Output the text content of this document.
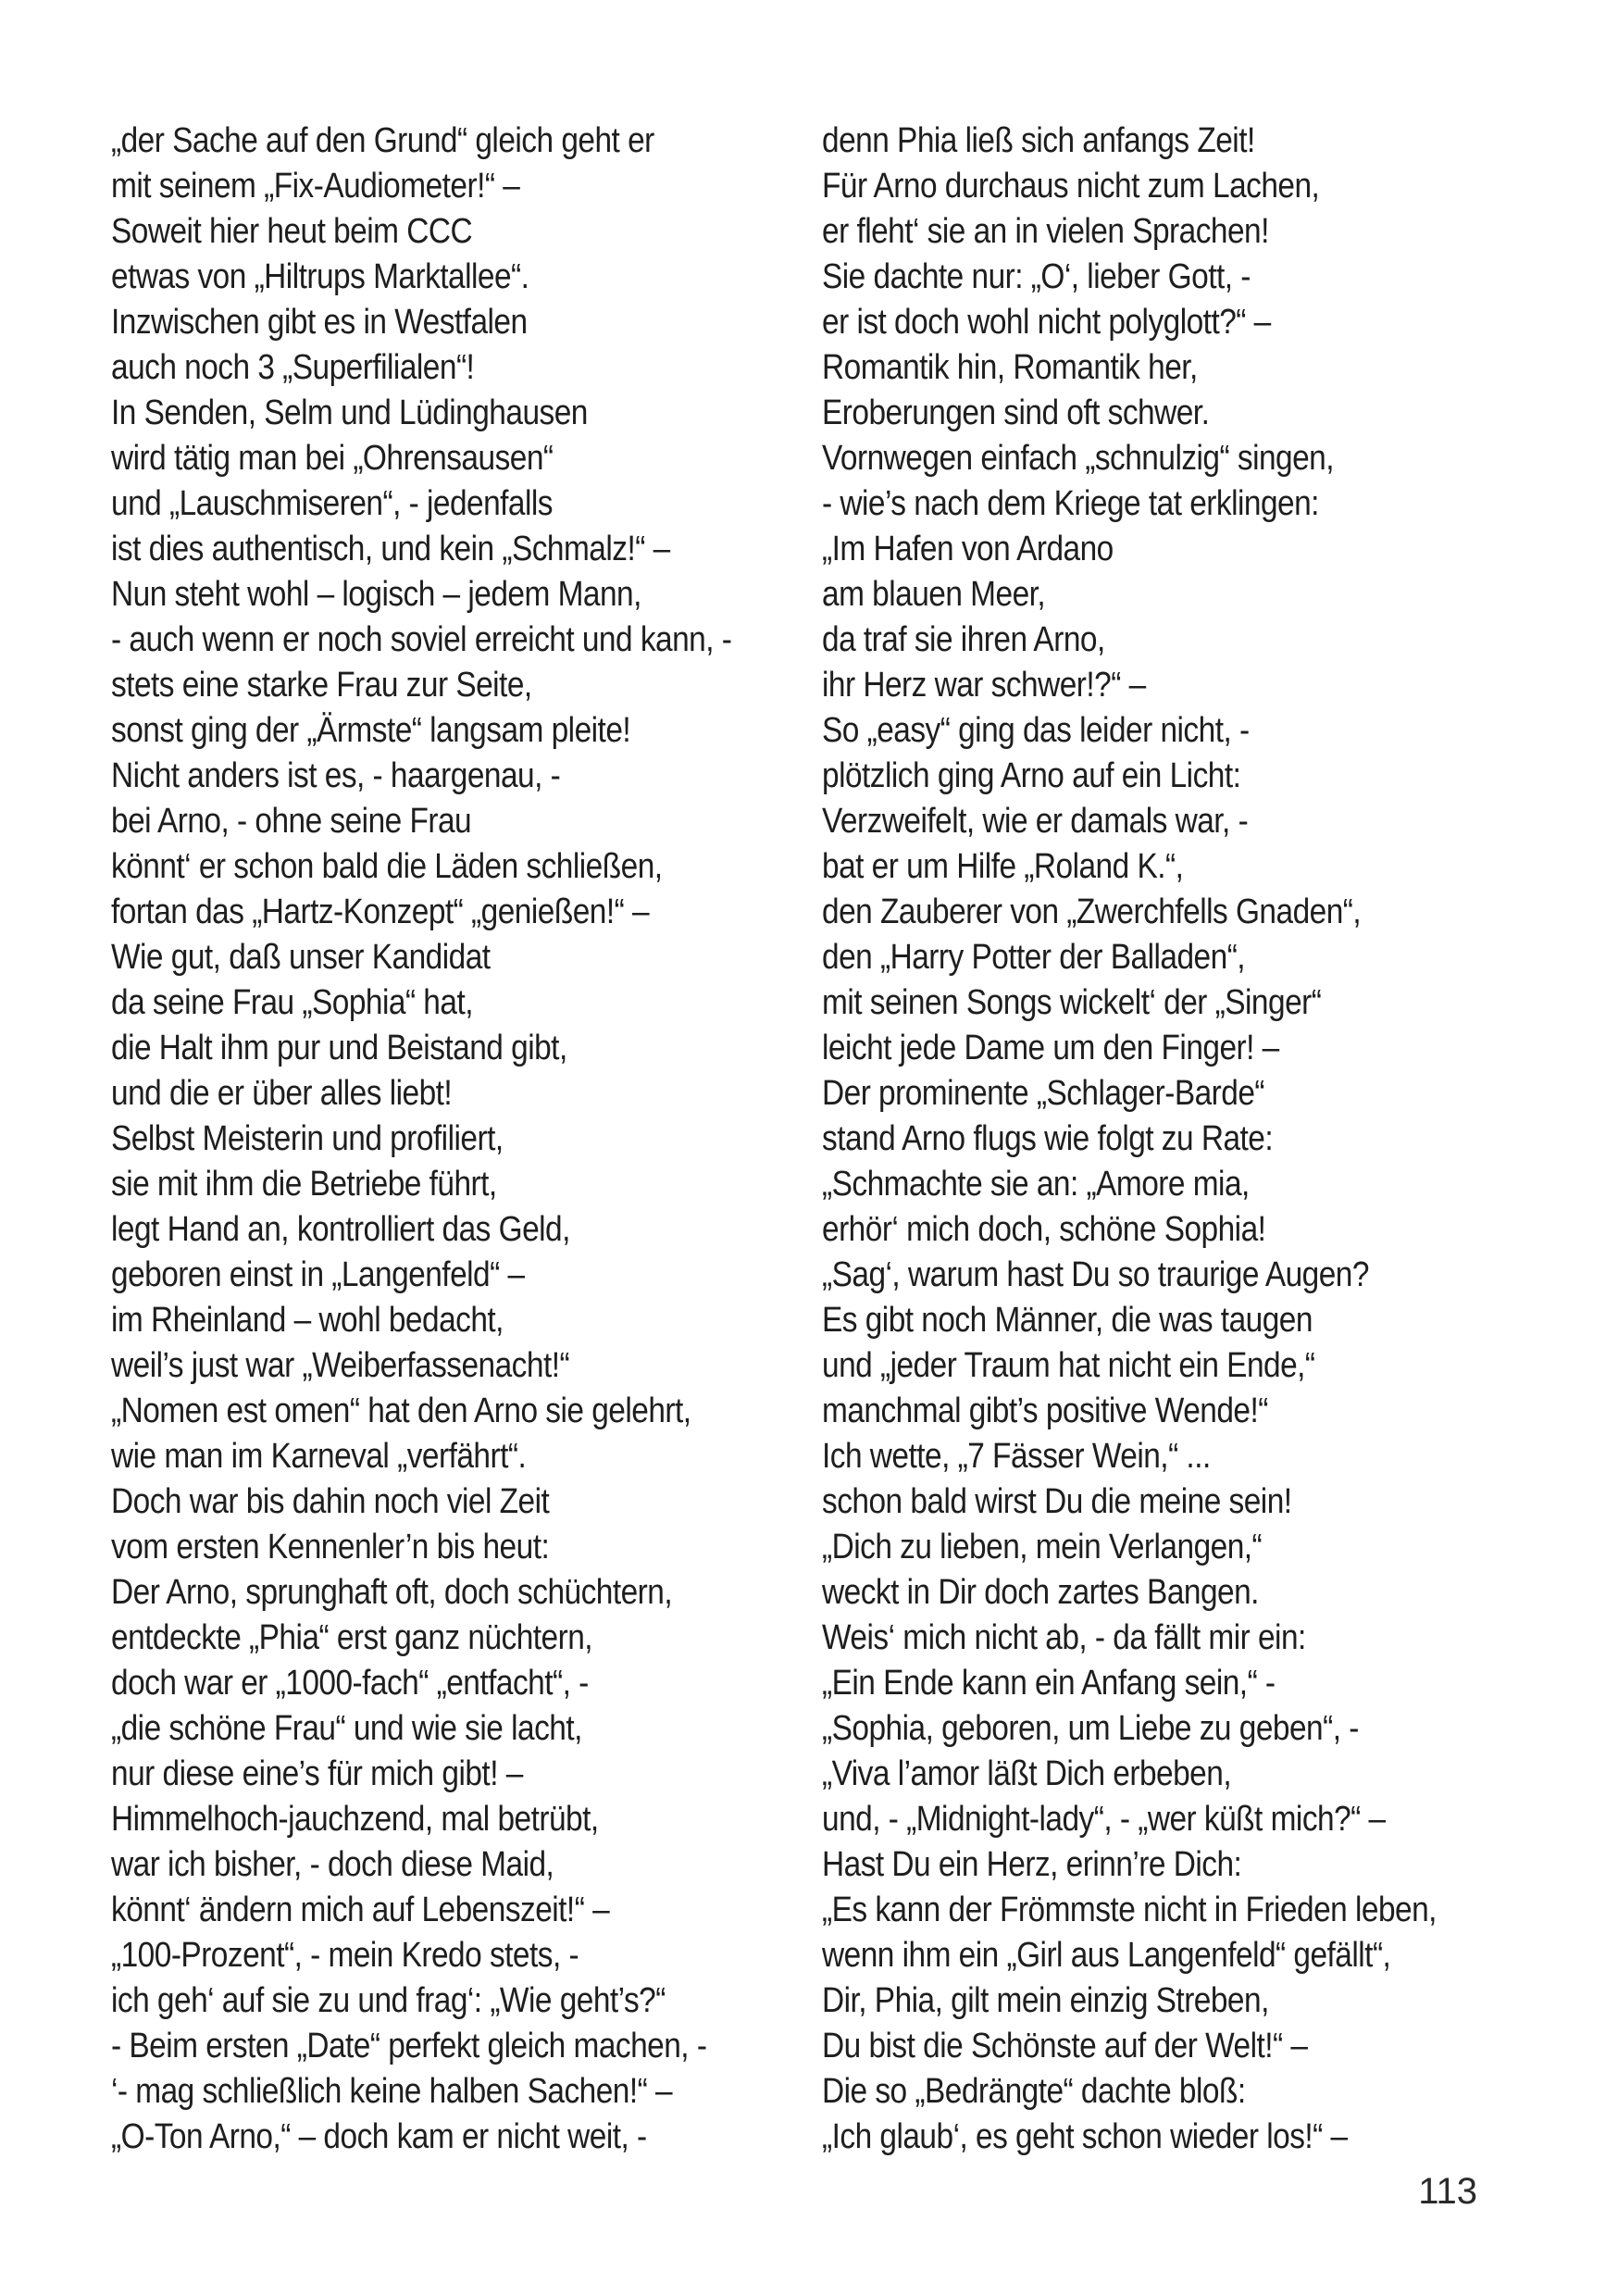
„der Sache auf den Grund“ gleich geht er
mit seinem „Fix-Audiometer!“ –
Soweit hier heut beim CCC
etwas von „Hiltrups Marktallee“.
Inzwischen gibt es in Westfalen
auch noch 3 „Superfilialen“!
In Senden, Selm und Lüdinghausen
wird tätig man bei „Ohrensausen“
und „Lauschmiseren“, - jedenfalls
ist dies authentisch, und kein „Schmalz!“ –
Nun steht wohl – logisch – jedem Mann,
- auch wenn er noch soviel erreicht und kann, -
stets eine starke Frau zur Seite,
sonst ging der „Ärmste“ langsam pleite!
Nicht anders ist es, - haargenau, -
bei Arno, - ohne seine Frau
könnt‘ er schon bald die Läden schließen,
fortan das „Hartz-Konzept“ „genießen!“ –
Wie gut, daß unser Kandidat
da seine Frau „Sophia“ hat,
die Halt ihm pur und Beistand gibt,
und die er über alles liebt!
Selbst Meisterin und profiliert,
sie mit ihm die Betriebe führt,
legt Hand an, kontrolliert das Geld,
geboren einst in „Langenfeld“ –
im Rheinland – wohl bedacht,
weil’s just war „Weiberfassenacht!“
„Nomen est omen“ hat den Arno sie gelehrt,
wie man im Karneval „verfährt“.
Doch war bis dahin noch viel Zeit
vom ersten Kennenler’n bis heut:
Der Arno, sprunghaft oft, doch schüchtern,
entdeckte „Phia“ erst ganz nüchtern,
doch war er „1000-fach“ „entfacht“, -
„die schöne Frau“ und wie sie lacht,
nur diese eine’s für mich gibt! –
Himmelhoch-jauchzend, mal betrübt,
war ich bisher, - doch diese Maid,
könnt‘ ändern mich auf Lebenszeit!“ –
„100-Prozent“, - mein Kredo stets, -
ich geh‘ auf sie zu und frag‘: „Wie geht’s?“
- Beim ersten „Date“ perfekt gleich machen, -
‘- mag schließlich keine halben Sachen!“ –
„O-Ton Arno,“ – doch kam er nicht weit, -
denn Phia ließ sich anfangs Zeit!
Für Arno durchaus nicht zum Lachen,
er fleht‘ sie an in vielen Sprachen!
Sie dachte nur: „O‘, lieber Gott, -
er ist doch wohl nicht polyglott?“ –
Romantik hin, Romantik her,
Eroberungen sind oft schwer.
Vornwegen einfach „schnulzig“ singen,
- wie’s nach dem Kriege tat erklingen:
„Im Hafen von Ardano
am blauen Meer,
da traf sie ihren Arno,
ihr Herz war schwer!?“ –
So „easy“ ging das leider nicht, -
plötzlich ging Arno auf ein Licht:
Verzweifelt, wie er damals war, -
bat er um Hilfe „Roland K.“,
den Zauberer von „Zwerchfells Gnaden“,
den „Harry Potter der Balladen“,
mit seinen Songs wickelt‘ der „Singer“
leicht jede Dame um den Finger! –
Der prominente „Schlager-Barde“
stand Arno flugs wie folgt zu Rate:
„Schmachte sie an: „Amore mia,
erhör‘ mich doch, schöne Sophia!
„Sag‘, warum hast Du so traurige Augen?
Es gibt noch Männer, die was taugen
und „jeder Traum hat nicht ein Ende,“
manchmal gibt’s positive Wende!“
Ich wette, „7 Fässer Wein,“ ...
schon bald wirst Du die meine sein!
„Dich zu lieben, mein Verlangen,“
weckt in Dir doch zartes Bangen.
Weis‘ mich nicht ab, - da fällt mir ein:
„Ein Ende kann ein Anfang sein,“ -
„Sophia, geboren, um Liebe zu geben“, -
„Viva l’amor läßt Dich erbeben,
und, - „Midnight-lady“, - „wer küßt mich?“ –
Hast Du ein Herz, erinn’re Dich:
„Es kann der Frömmste nicht in Frieden leben,
wenn ihm ein „Girl aus Langenfeld“ gefällt“,
Dir, Phia, gilt mein einzig Streben,
Du bist die Schönste auf der Welt!“ –
Die so „Bedrängte“ dachte bloß:
„Ich glaub‘, es geht schon wieder los!“ –
113
